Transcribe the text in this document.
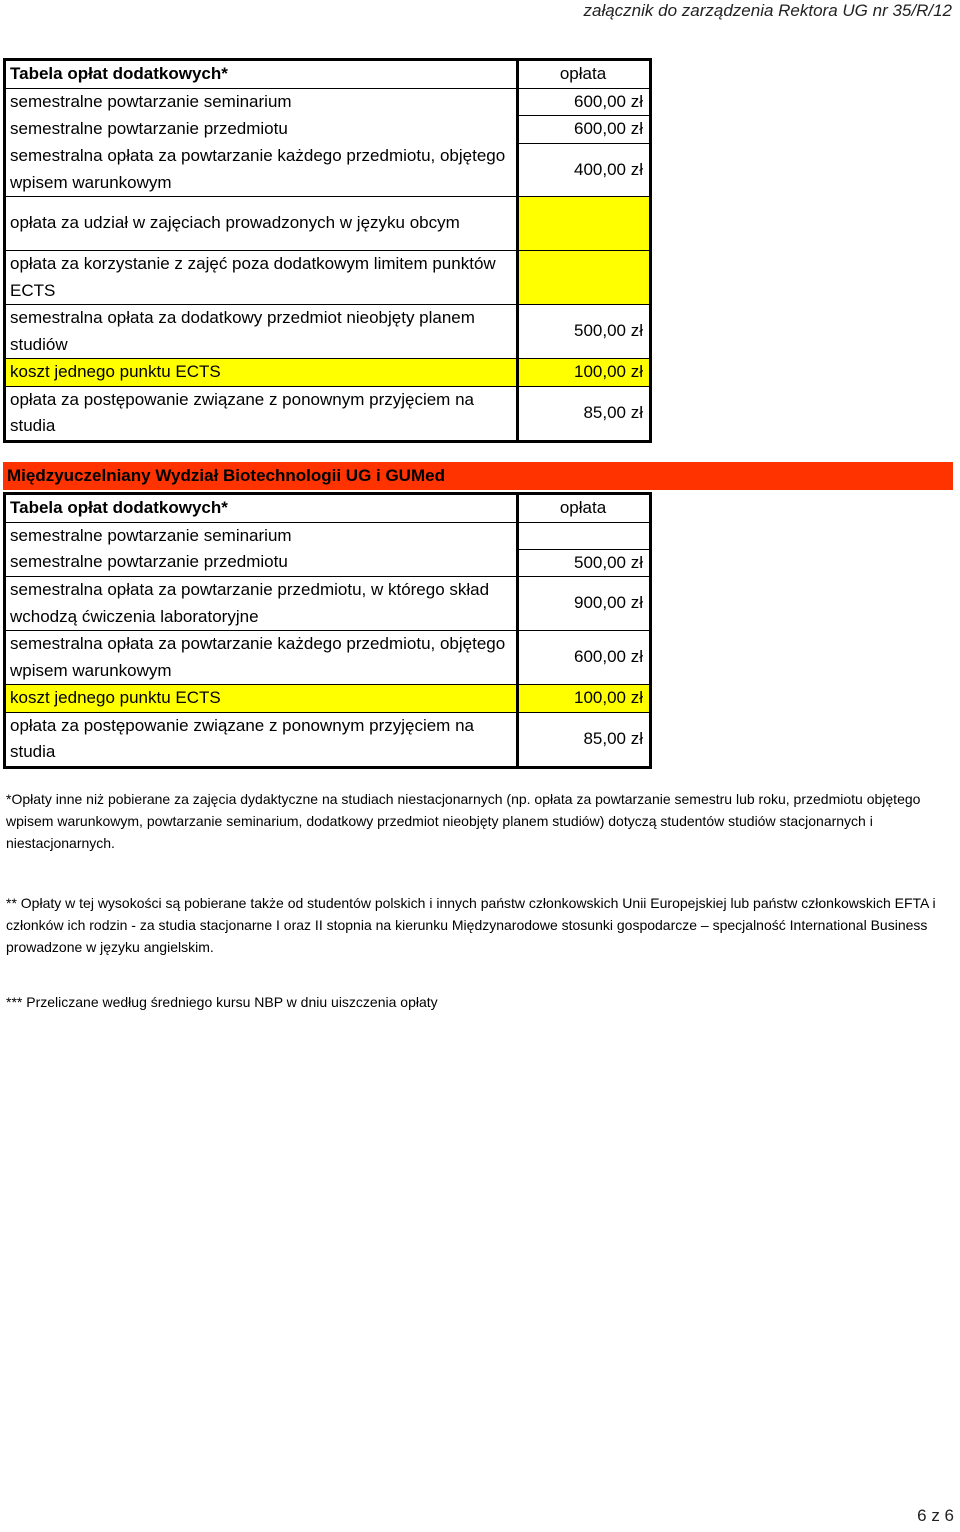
załącznik do zarządzenia Rektora UG nr 35/R/12
Tabela opłat dodatkowych*	opłata
semestralne powtarzanie seminarium	600,00 zł
semestralne powtarzanie przedmiotu	600,00 zł
semestralna opłata za powtarzanie każdego przedmiotu, objętego wpisem warunkowym	400,00 zł
opłata za udział w zajęciach prowadzonych w języku obcym	
opłata za korzystanie z zajęć poza dodatkowym limitem punktów ECTS	
semestralna opłata za dodatkowy przedmiot nieobjęty planem studiów	500,00 zł
koszt jednego punktu ECTS	100,00 zł
opłata za postępowanie związane z ponownym przyjęciem na studia	85,00 zł
Międzyuczelniany Wydział Biotechnologii UG i GUMed
Tabela opłat dodatkowych*	opłata
semestralne powtarzanie seminarium	
semestralne powtarzanie przedmiotu	500,00 zł
semestralna opłata za powtarzanie przedmiotu, w którego skład wchodzą ćwiczenia laboratoryjne	900,00 zł
semestralna opłata za powtarzanie każdego przedmiotu, objętego wpisem warunkowym	600,00 zł
koszt jednego punktu ECTS	100,00 zł
opłata za postępowanie związane z ponownym przyjęciem na studia	85,00 zł
*Opłaty inne niż pobierane za zajęcia dydaktyczne na studiach niestacjonarnych (np. opłata za powtarzanie semestru lub roku, przedmiotu objętego wpisem warunkowym, powtarzanie seminarium, dodatkowy przedmiot nieobjęty planem studiów) dotyczą studentów studiów stacjonarnych i niestacjonarnych.
** Opłaty w tej wysokości są pobierane także od studentów polskich i innych państw członkowskich Unii Europejskiej lub państw członkowskich EFTA i członków ich rodzin - za studia stacjonarne I oraz II stopnia na kierunku Międzynarodowe stosunki gospodarcze – specjalność International Business prowadzone w języku angielskim.
*** Przeliczane według średniego kursu NBP w dniu uiszczenia opłaty
6 z 6
